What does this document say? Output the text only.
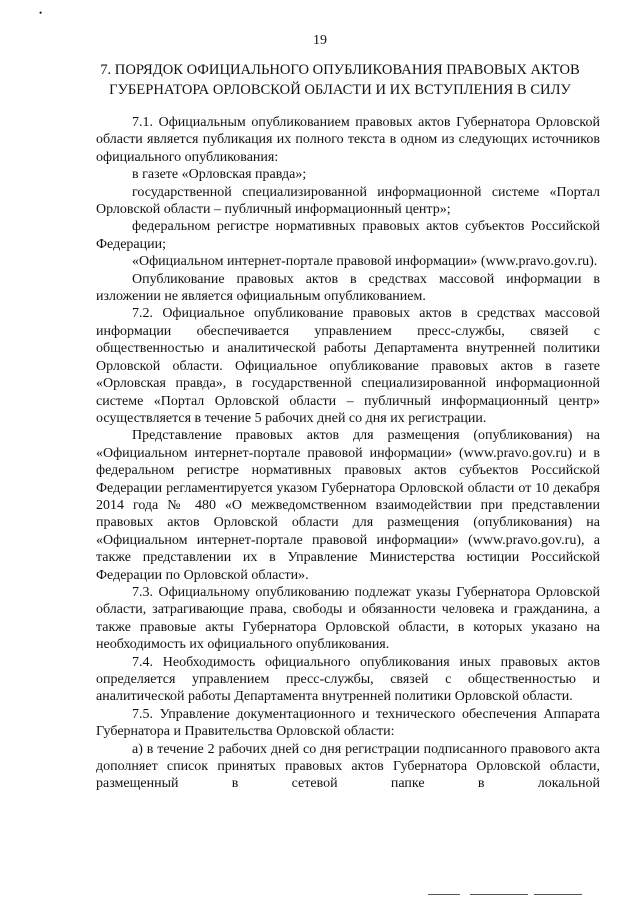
•
19
7. ПОРЯДОК ОФИЦИАЛЬНОГО ОПУБЛИКОВАНИЯ ПРАВОВЫХ АКТОВ
ГУБЕРНАТОРА ОРЛОВСКОЙ ОБЛАСТИ И ИХ ВСТУПЛЕНИЯ В СИЛУ

7.1. Официальным опубликованием правовых актов Губернатора Орловской области является публикация их полного текста в одном из следующих источников официального опубликования:

в газете «Орловская правда»;

государственной специализированной информационной системе «Портал Орловской области – публичный информационный центр»;

федеральном регистре нормативных правовых актов субъектов Российской Федерации;

«Официальном интернет-портале правовой информации» (www.pravo.gov.ru).

Опубликование правовых актов в средствах массовой информации в изложении не является официальным опубликованием.

7.2. Официальное опубликование правовых актов в средствах массовой информации обеспечивается управлением пресс-службы, связей с общественностью и аналитической работы Департамента внутренней политики Орловской области. Официальное опубликование правовых актов в газете «Орловская правда», в государственной специализированной информационной системе «Портал Орловской области – публичный информационный центр» осуществляется в течение 5 рабочих дней со дня их регистрации.

Представление правовых актов для размещения (опубликования) на «Официальном интернет-портале правовой информации» (www.pravo.gov.ru) и в федеральном регистре нормативных правовых актов субъектов Российской Федерации регламентируется указом Губернатора Орловской области от 10 декабря 2014 года № 480 «О межведомственном взаимодействии при представлении правовых актов Орловской области для размещения (опубликования) на «Официальном интернет-портале правовой информации» (www.pravo.gov.ru), а также представлении их в Управление Министерства юстиции Российской Федерации по Орловской области».

7.3. Официальному опубликованию подлежат указы Губернатора Орловской области, затрагивающие права, свободы и обязанности человека и гражданина, а также правовые акты Губернатора Орловской области, в которых указано на необходимость их официального опубликования.

7.4. Необходимость официального опубликования иных правовых актов определяется управлением пресс-службы, связей с общественностью и аналитической работы Департамента внутренней политики Орловской области.

7.5. Управление документационного и технического обеспечения Аппарата Губернатора и Правительства Орловской области:

а) в течение 2 рабочих дней со дня регистрации подписанного правового акта дополняет список принятых правовых актов Губернатора Орловской области, размещенный в сетевой папке в локальной
